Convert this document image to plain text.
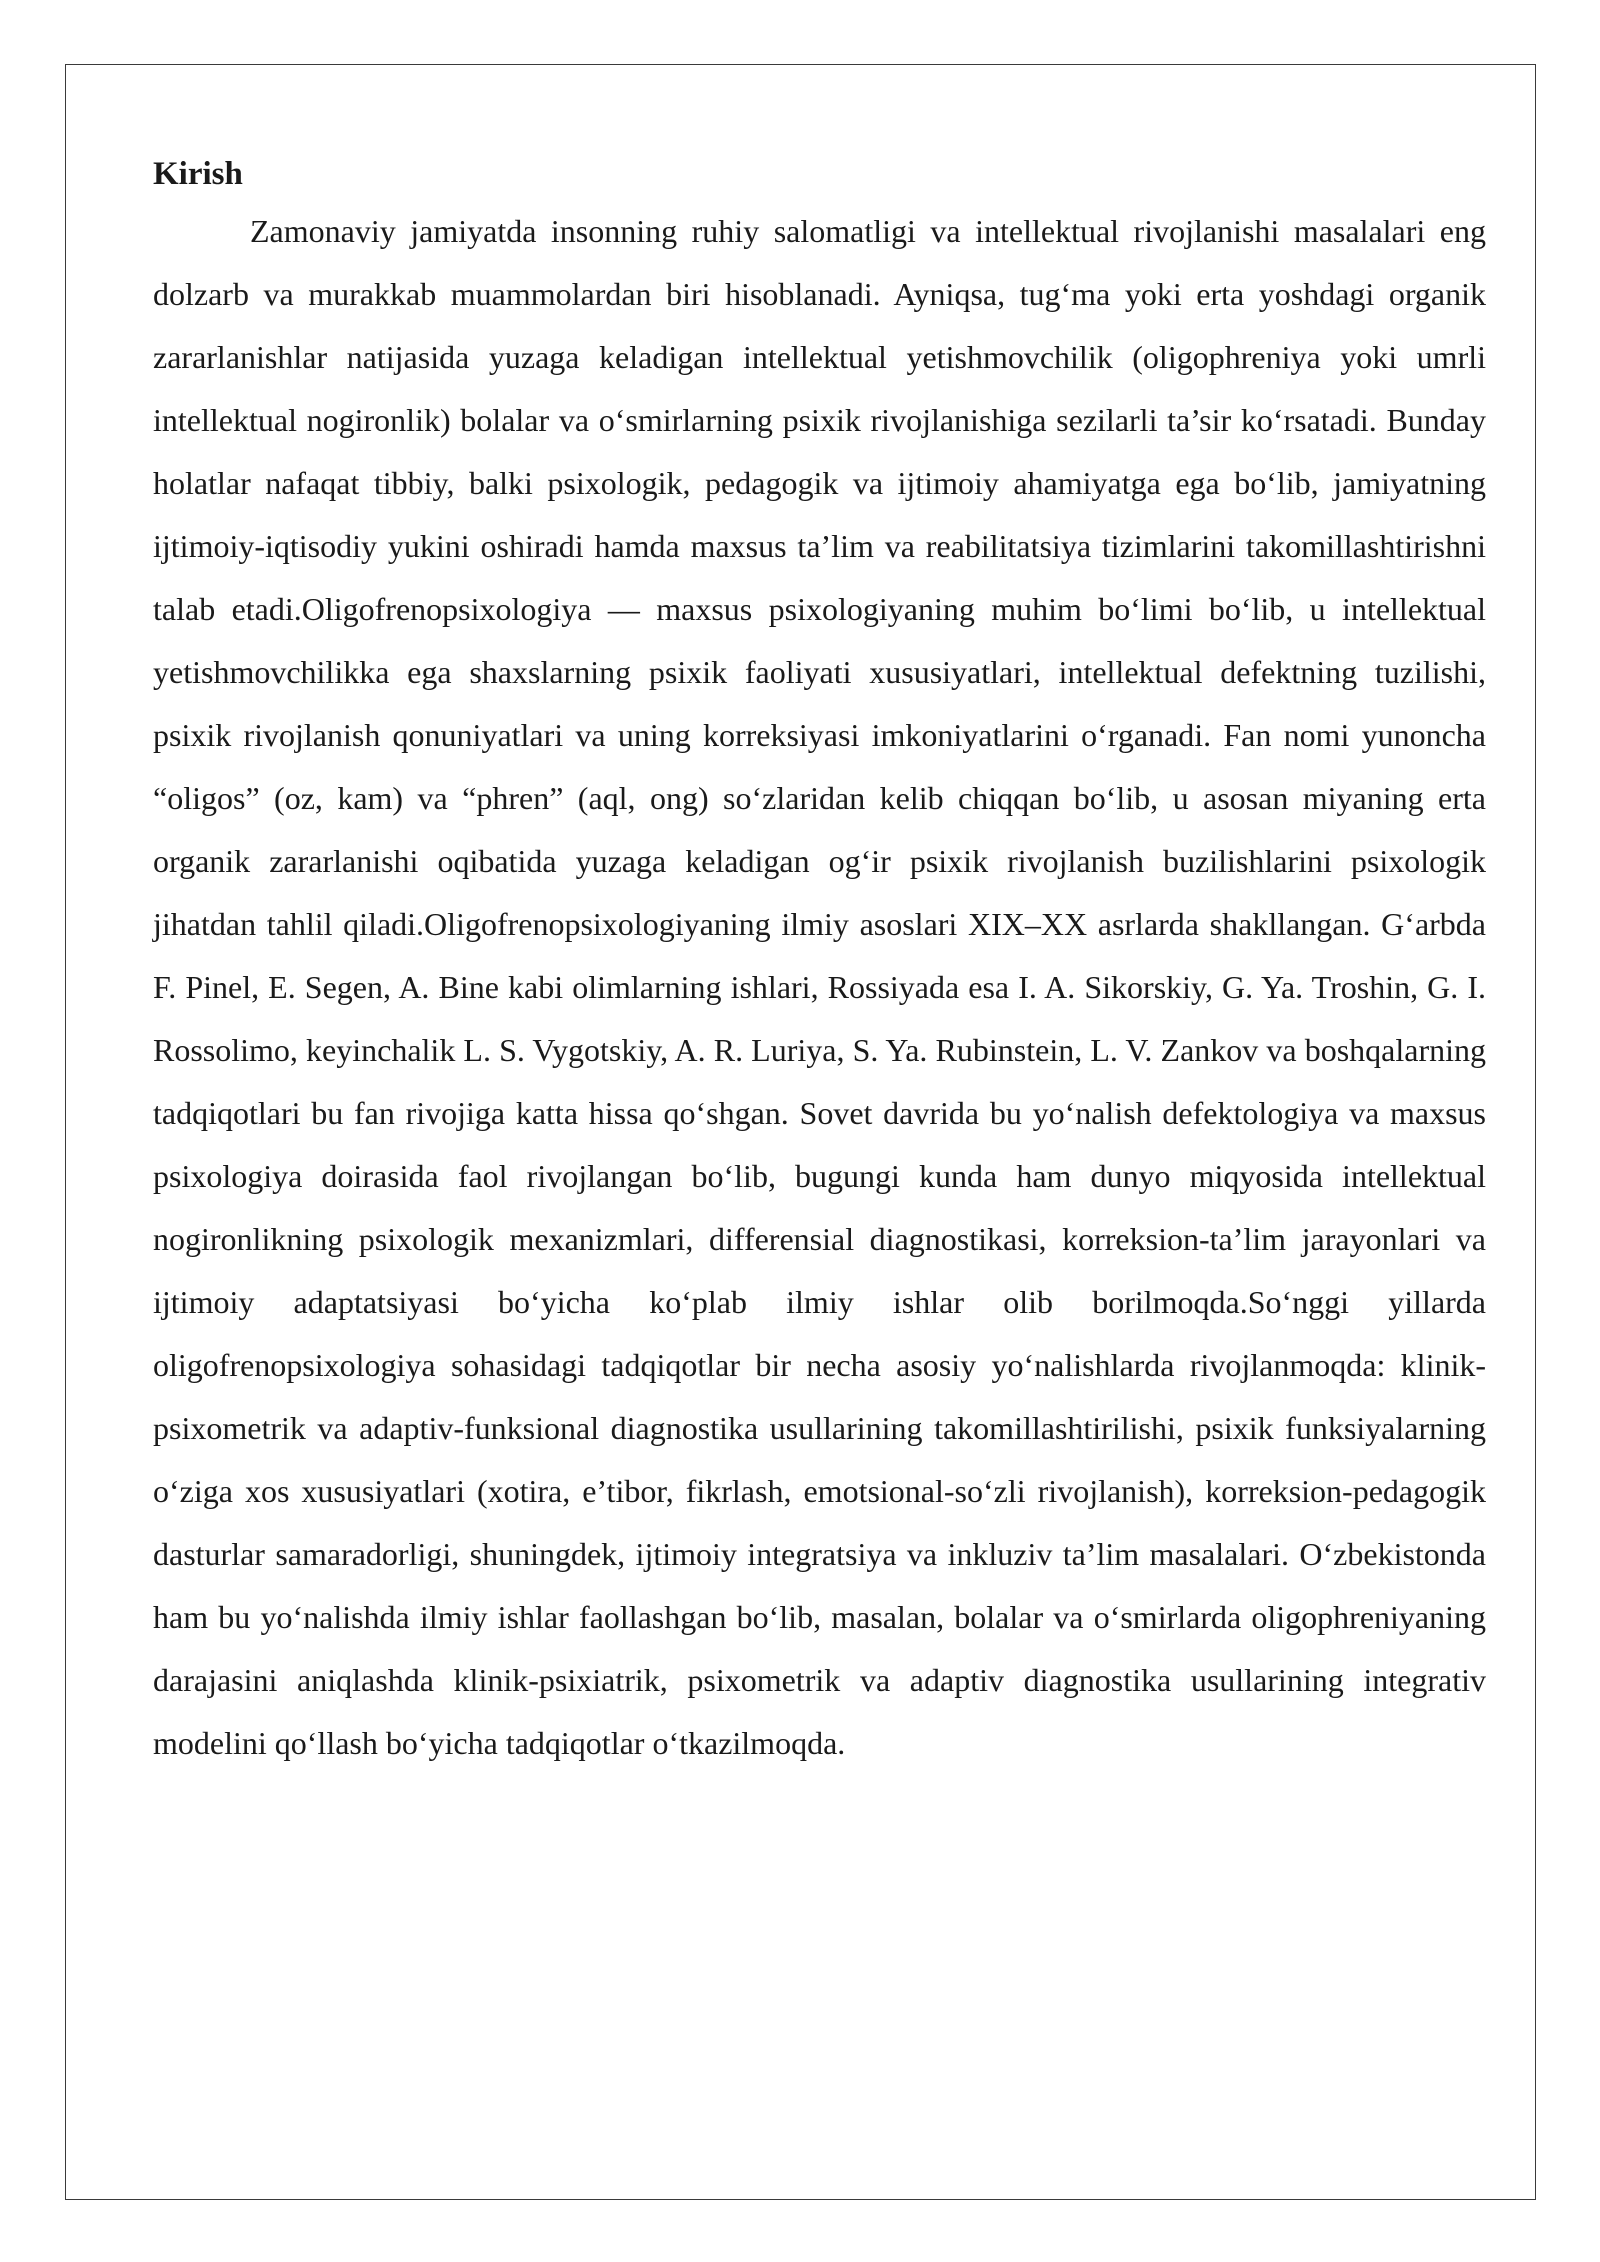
Kirish

Zamonaviy jamiyatda insonning ruhiy salomatligi va intellektual rivojlanishi masalalari eng dolzarb va murakkab muammolardan biri hisoblanadi. Ayniqsa, tug‘ma yoki erta yoshdagi organik zararlanishlar natijasida yuzaga keladigan intellektual yetishmovchilik (oligophreniya yoki umrli intellektual nogironlik) bolalar va o‘smirlarning psixik rivojlanishiga sezilarli ta’sir ko‘rsatadi. Bunday holatlar nafaqat tibbiy, balki psixologik, pedagogik va ijtimoiy ahamiyatga ega bo‘lib, jamiyatning ijtimoiy-iqtisodiy yukini oshiradi hamda maxsus ta’lim va reabilitatsiya tizimlarini takomillashtirishni talab etadi.Oligofrenopsixologiya — maxsus psixologiyaning muhim bo‘limi bo‘lib, u intellektual yetishmovchilikka ega shaxslarning psixik faoliyati xususiyatlari, intellektual defektning tuzilishi, psixik rivojlanish qonuniyatlari va uning korreksiyasi imkoniyatlarini o‘rganadi. Fan nomi yunoncha “oligos” (oz, kam) va “phren” (aql, ong) so‘zlaridan kelib chiqqan bo‘lib, u asosan miyaning erta organik zararlanishi oqibatida yuzaga keladigan og‘ir psixik rivojlanish buzilishlarini psixologik jihatdan tahlil qiladi.Oligofrenopsixologiyaning ilmiy asoslari XIX–XX asrlarda shakllangan. G‘arbda F. Pinel, E. Segen, A. Bine kabi olimlarning ishlari, Rossiyada esa I. A. Sikorskiy, G. Ya. Troshin, G. I. Rossolimo, keyinchalik L. S. Vygotskiy, A. R. Luriya, S. Ya. Rubinstein, L. V. Zankov va boshqalarning tadqiqotlari bu fan rivojiga katta hissa qo‘shgan. Sovet davrida bu yo‘nalish defektologiya va maxsus psixologiya doirasida faol rivojlangan bo‘lib, bugungi kunda ham dunyo miqyosida intellektual nogironlikning psixologik mexanizmlari, differensial diagnostikasi, korreksion-ta’lim jarayonlari va ijtimoiy adaptatsiyasi bo‘yicha ko‘plab ilmiy ishlar olib borilmoqda.So‘nggi yillarda oligofrenopsixologiya sohasidagi tadqiqotlar bir necha asosiy yo‘nalishlarda rivojlanmoqda: klinik-psixometrik va adaptiv-funksional diagnostika usullarining takomillashtirilishi, psixik funksiyalarning o‘ziga xos xususiyatlari (xotira, e’tibor, fikrlash, emotsional-so‘zli rivojlanish), korreksion-pedagogik dasturlar samaradorligi, shuningdek, ijtimoiy integratsiya va inkluziv ta’lim masalalari. O‘zbekistonda ham bu yo‘nalishda ilmiy ishlar faollashgan bo‘lib, masalan, bolalar va o‘smirlarda oligophreniyaning darajasini aniqlashda klinik-psixiatrik, psixometrik va adaptiv diagnostika usullarining integrativ modelini qo‘llash bo‘yicha tadqiqotlar o‘tkazilmoqda.
